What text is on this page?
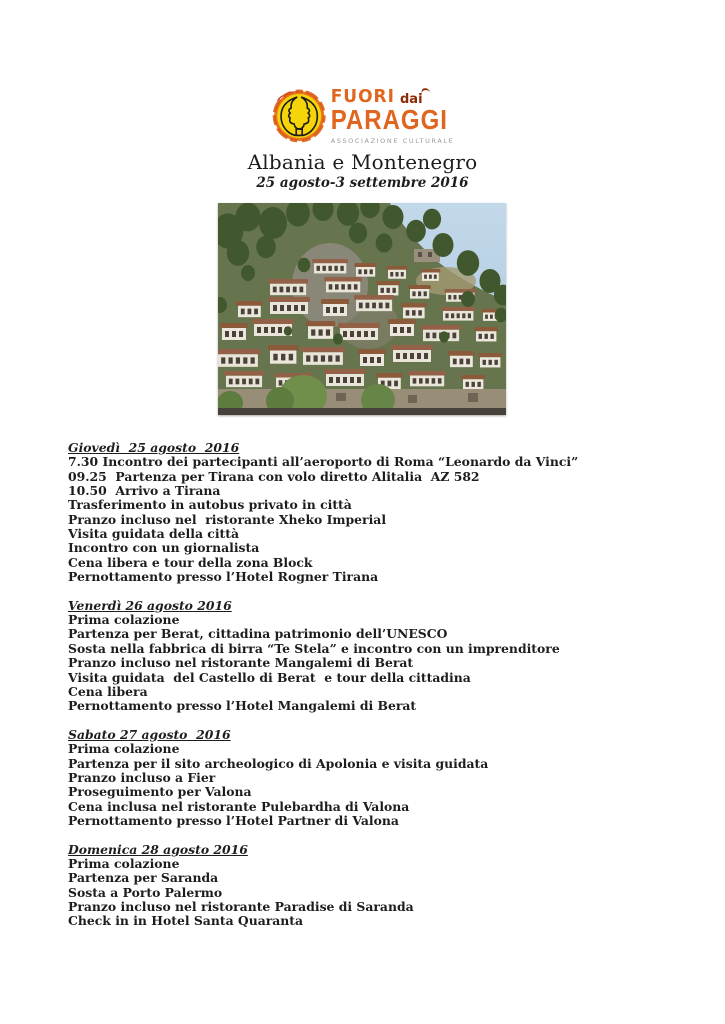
FUORI dai
PARAGGI
ASSOCIAZIONE CULTURALE
Albania e Montenegro
25 agosto-3 settembre 2016
Giovedì  25 agosto  2016
7.30 Incontro dei partecipanti all’aeroporto di Roma “Leonardo da Vinci”
09.25  Partenza per Tirana con volo diretto Alitalia  AZ 582
10.50  Arrivo a Tirana
Trasferimento in autobus privato in città
Pranzo incluso nel  ristorante Xheko Imperial
Visita guidata della città
Incontro con un giornalista
Cena libera e tour della zona Block
Pernottamento presso l’Hotel Rogner Tirana
Venerdì 26 agosto 2016
Prima colazione
Partenza per Berat, cittadina patrimonio dell’UNESCO
Sosta nella fabbrica di birra “Te Stela” e incontro con un imprenditore
Pranzo incluso nel ristorante Mangalemi di Berat
Visita guidata  del Castello di Berat  e tour della cittadina
Cena libera
Pernottamento presso l’Hotel Mangalemi di Berat
Sabato 27 agosto  2016
Prima colazione
Partenza per il sito archeologico di Apolonia e visita guidata
Pranzo incluso a Fier
Proseguimento per Valona
Cena inclusa nel ristorante Pulebardha di Valona
Pernottamento presso l’Hotel Partner di Valona
Domenica 28 agosto 2016
Prima colazione
Partenza per Saranda
Sosta a Porto Palermo
Pranzo incluso nel ristorante Paradise di Saranda
Check in in Hotel Santa Quaranta
